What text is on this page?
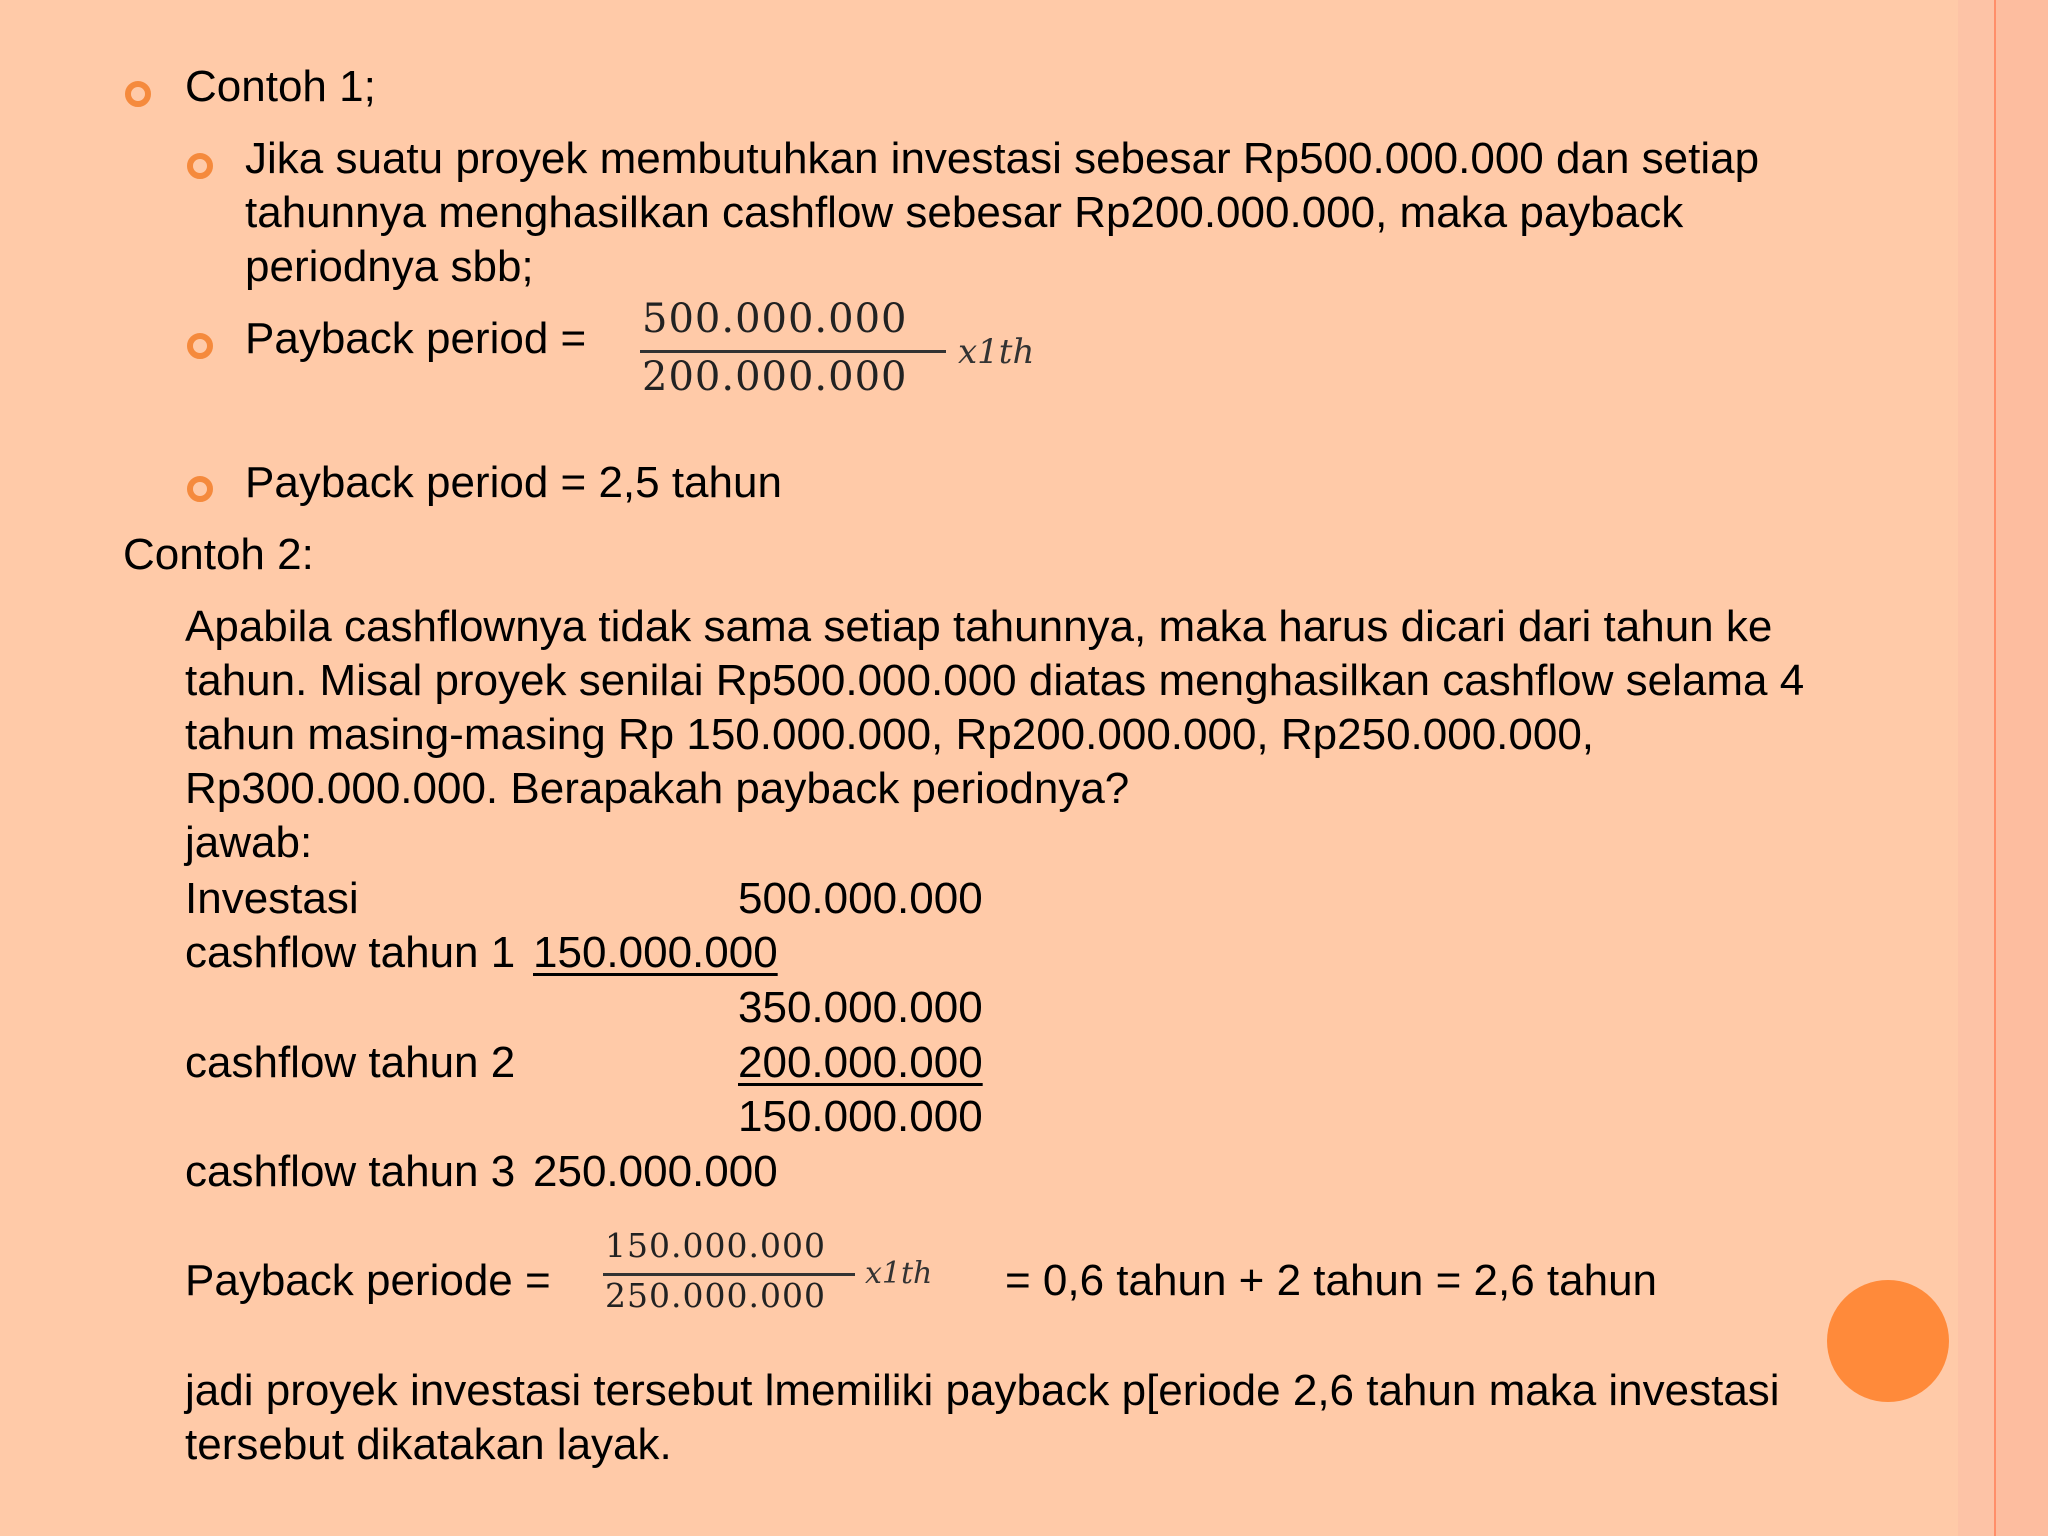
Contoh 1;
Jika suatu proyek membutuhkan investasi sebesar Rp500.000.000 dan setiap
tahunnya menghasilkan cashflow sebesar Rp200.000.000, maka payback
periodnya sbb;
Payback period = 500.000.000
200.000.000
x1th
Payback period = 2,5 tahun
Contoh 2:
Apabila cashflownya tidak sama setiap tahunnya, maka harus dicari dari tahun ke
tahun. Misal proyek senilai Rp500.000.000 diatas menghasilkan cashflow selama 4
tahun masing-masing Rp 150.000.000, Rp200.000.000, Rp250.000.000,
Rp300.000.000. Berapakah payback periodnya?
jawab:
Investasi	500.000.000
cashflow tahun 1 150.000.000
350.000.000
cashflow tahun 2	200.000.000
150.000.000
cashflow tahun 3 250.000.000
Payback periode =
150.000.000
250.000.000
x1th = 0,6 tahun + 2 tahun = 2,6 tahun
jadi proyek investasi tersebut lmemiliki payback p[eriode 2,6 tahun maka investasi
tersebut dikatakan layak.
